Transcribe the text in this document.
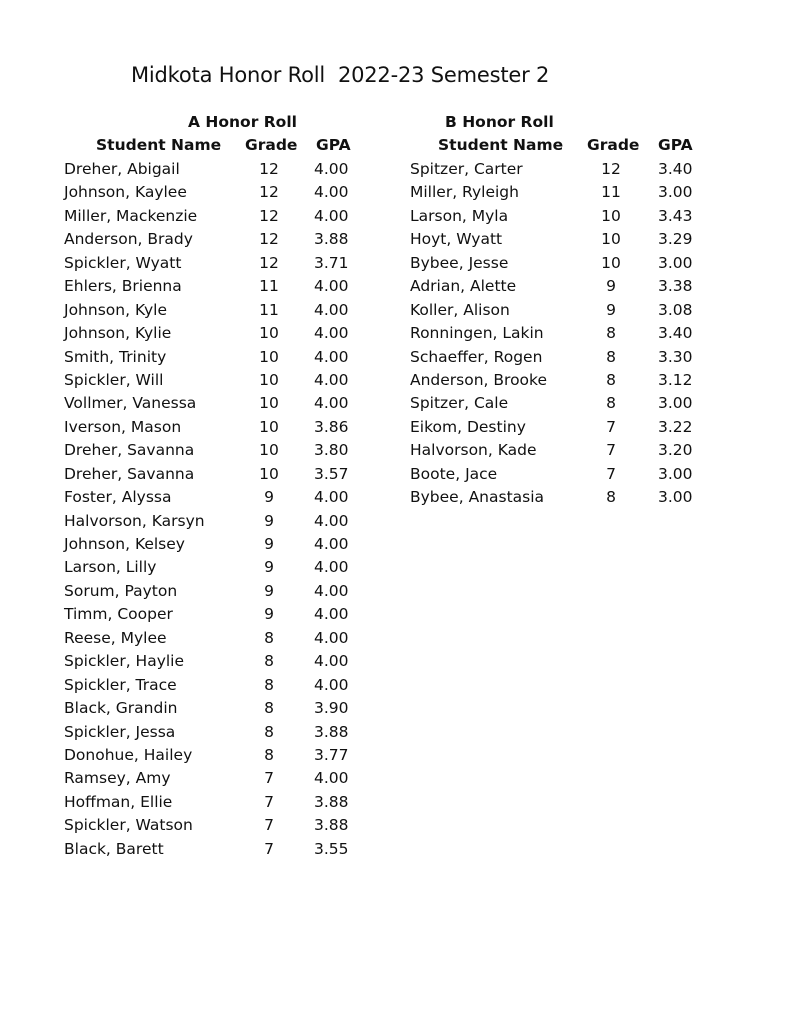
Midkota Honor Roll  2022-23 Semester 2
A Honor Roll
Student Name Grade GPA
Dreher, Abigail	12	4.00
Johnson, Kaylee	12	4.00
Miller, Mackenzie	12	4.00
Anderson, Brady	12	3.88
Spickler, Wyatt	12	3.71
Ehlers, Brienna	11	4.00
Johnson, Kyle	11	4.00
Johnson, Kylie	10	4.00
Smith, Trinity	10	4.00
Spickler, Will	10	4.00
Vollmer, Vanessa	10	4.00
Iverson, Mason	10	3.86
Dreher, Savanna	10	3.80
Dreher, Savanna	10	3.57
Foster, Alyssa	9	4.00
Halvorson, Karsyn	9	4.00
Johnson, Kelsey	9	4.00
Larson, Lilly	9	4.00
Sorum, Payton	9	4.00
Timm, Cooper	9	4.00
Reese, Mylee	8	4.00
Spickler, Haylie	8	4.00
Spickler, Trace	8	4.00
Black, Grandin	8	3.90
Spickler, Jessa	8	3.88
Donohue, Hailey	8	3.77
Ramsey, Amy	7	4.00
Hoffman, Ellie	7	3.88
Spickler, Watson	7	3.88
Black, Barett	7	3.55
B Honor Roll
Student Name Grade GPA
Spitzer, Carter	12	3.40
Miller, Ryleigh	11	3.00
Larson, Myla	10	3.43
Hoyt, Wyatt	10	3.29
Bybee, Jesse	10	3.00
Adrian, Alette	9	3.38
Koller, Alison	9	3.08
Ronningen, Lakin	8	3.40
Schaeffer, Rogen	8	3.30
Anderson, Brooke	8	3.12
Spitzer, Cale	8	3.00
Eikom, Destiny	7	3.22
Halvorson, Kade	7	3.20
Boote, Jace	7	3.00
Bybee, Anastasia	8	3.00
